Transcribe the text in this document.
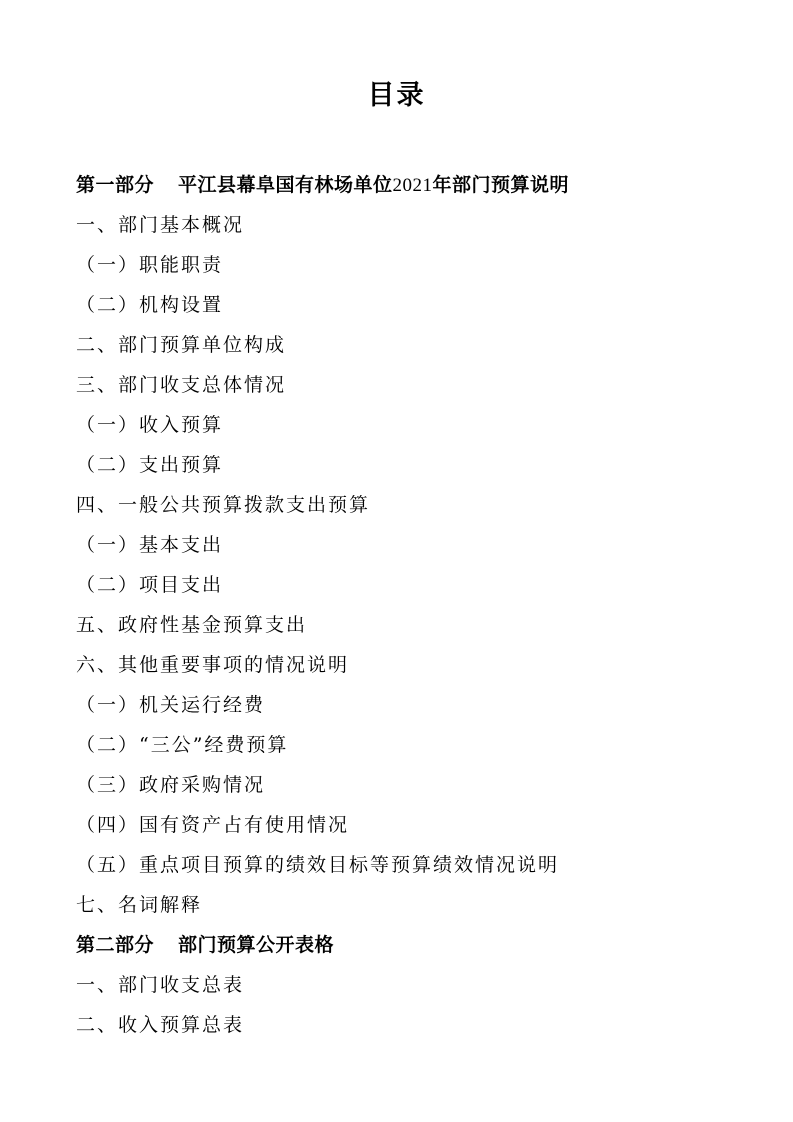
目录
第一部分 平江县幕阜国有林场单位2021年部门预算说明
一、部门基本概况
（一）职能职责
（二）机构设置
二、部门预算单位构成
三、部门收支总体情况
（一）收入预算
（二）支出预算
四、一般公共预算拨款支出预算
（一）基本支出
（二）项目支出
五、政府性基金预算支出
六、其他重要事项的情况说明
（一）机关运行经费
（二）“三公”经费预算
（三）政府采购情况
（四）国有资产占有使用情况
（五）重点项目预算的绩效目标等预算绩效情况说明
七、名词解释
第二部分 部门预算公开表格
一、部门收支总表
二、收入预算总表
